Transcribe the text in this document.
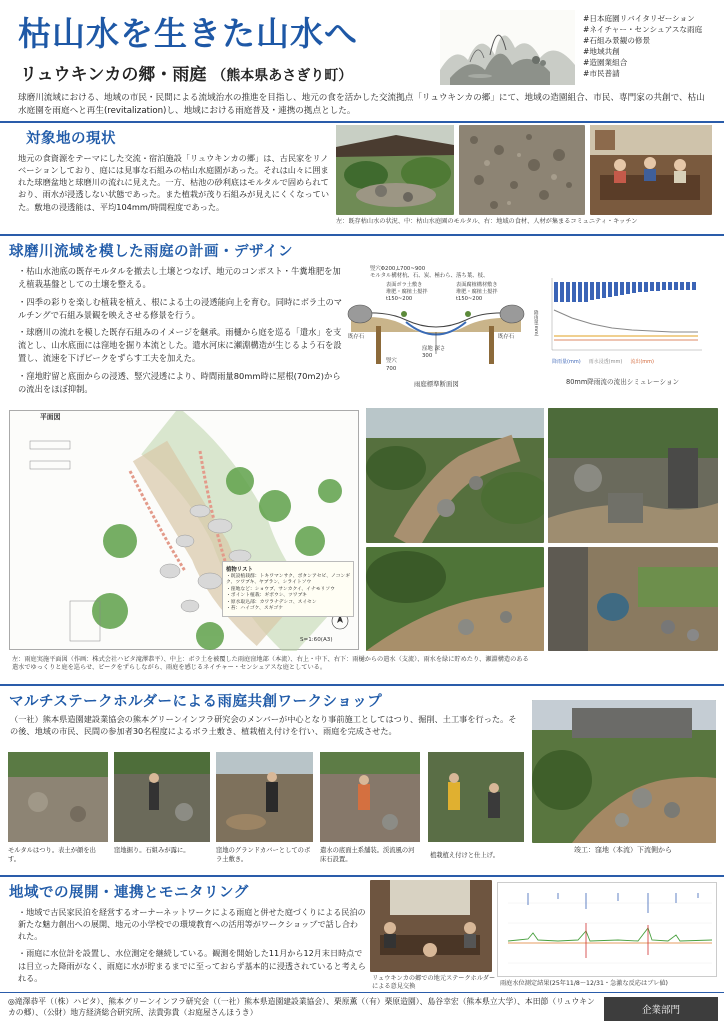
枯山水を生きた山水へ
リュウキンカの郷・雨庭 （熊本県あさぎり町）
#日本庭園リバイタリゼーション
#ネイチャー・センシュアスな雨庭
#石組み景観の修景
#地域共創
#造園業組合
#市民普請
球磨川流域における、地域の市民・民間による流域治水の推進を目指し、地元の食を活かした交流拠点「リュウキンカの郷」にて、地域の造園組合、市民、専門家の共創で、枯山水庭園を雨庭へと再生(revitalization)し、地域における雨庭普及・連携の拠点とした。
対象地の現状
地元の食資源をテーマにした交流・宿泊施設「リュウキンカの郷」は、古民家をリノベーションしており、庭には見事な石組みの枯山水庭園があった。それは山々に囲まれた球磨盆地と球磨川の流れに見えた。一方、枯池の砂利底はモルタルで固められており、雨水が浸透しない状態であった。また植栽が茂り石組みが見えにくくなっていた。敷地の浸透能は、平均104mm/時間程度であった。
左：既存枯山水の状況、中：枯山水庭園のモルタル、右：地域の食材、人材が集まるコミュニティ・キッチン
球磨川流域を模した雨庭の計画・デザイン
・枯山水池底の既存モルタルを撤去し土壌とつなげ、地元のコンポスト・牛糞堆肥を加え植栽基盤としての土壌を整える。
・四季の彩りを楽しむ植栽を植え、根による土の浸透能向上を育む。同時にボラ土のマルチングで石組み景観を映えさせる修景を行う。
・球磨川の流れを模した既存石組みのイメージを継承。雨樋から庭を巡る「遣水」を支流とし、山水底面には窪地を掘り本流とした。遣水河床に瀬淵構造が生じるよう石を設置し、流速を下げピークをずらす工夫を加えた。
・窪地貯留と底面からの浸透、竪穴浸透により、時間雨量80mm時に屋根(70m2)からの流出をほぼ抑制。
竪穴Φ200,L700~900
モルタル構材杭、石、炭、極わら、落ち葉、枝、
表面ボラ土敷き
堆肥・腐植土撹拌
t150~200
表面腐植構材敷き
堆肥・腐植土撹拌
t150~200
既存石	既存石
窪地 深さ
300
竪穴
700
雨庭標準断面図
降雨量(mm)
降雨量(mm) 雨水浸透(mm) 流出(mm)
80mm降雨流の流出シミュレーション
平面図
S=1:60(A3)
植物リスト
・既設植栽群：トキワマンサク、ボタンアセビ、ノコンギク、ツワブキ、ヤブラン、シライトソウ
・窪地など：ショウブ、サンカクイ、イナモリソウ
・ポイント植栽：ギボウシ、ツワブキ
・原水取込部：カワラナデシコ、スイセン
・苔：ハイゴケ、スギゴケ
左：雨庭実施平面図（作画：株式会社ハピタ滝澤恭平）、中上：ボラ土を被覆した雨庭窪地部（本流）、右上・中下、右下：雨樋からの遣水（支流）、雨水を緑に貯めたり、瀬淵構造のある遣水でゆっくりと庭を巡らせ、ピークをずらしながら、雨庭を感じるネイチャー・センシュアスな庭としている。
マルチステークホルダーによる雨庭共創ワークショップ
（一社）熊本県造園建設業協会の熊本グリーンインフラ研究会のメンバーが中心となり事前施工としてはつり、掘削、土工事を行った。その後、地域の市民、民間の参加者30名程度によるボラ土敷き、植栽植え付けを行い、雨庭を完成させた。
竣工：窪地（本流）下流側から
モルタルはつり。表土が顔を出す。
窪地掘り。石組みが露に。	窪地のグランドカバーとしてのボラ土敷き。
遣水の底面土系舗装。渓流風の河床石設置。	植栽植え付けと仕上げ。
地域での展開・連携とモニタリング
・地域で古民家民泊を経営するオーナーネットワークによる雨庭と併せた庭づくりによる民泊の新たな魅力創出への展開、地元の小学校での環境教育への活用等がワークショップで話し合われた。
・雨庭に水位計を設置し、水位測定を継続している。観測を開始した11月から12月末日時点では目立った降雨がなく、雨庭に水が貯まるまでに至っておらず基本的に浸透されていると考えられる。	リュウキンカの郷での地元ステークホルダーによる意見交換	雨庭水位測定結果(25年11/8〜12/31・急激な反応はブレ値)
◎滝澤恭平（（株）ハピタ）、熊本グリーンインフラ研究会（（一社）熊本県造園建設業協会）、栗原薫（（有）栗原造園）、島谷幸宏（熊本県立大学）、本田節（リュウキンカの郷）、（公財）地方経済総合研究所、法貴弥貴（お庭屋さんほうき）	企業部門
